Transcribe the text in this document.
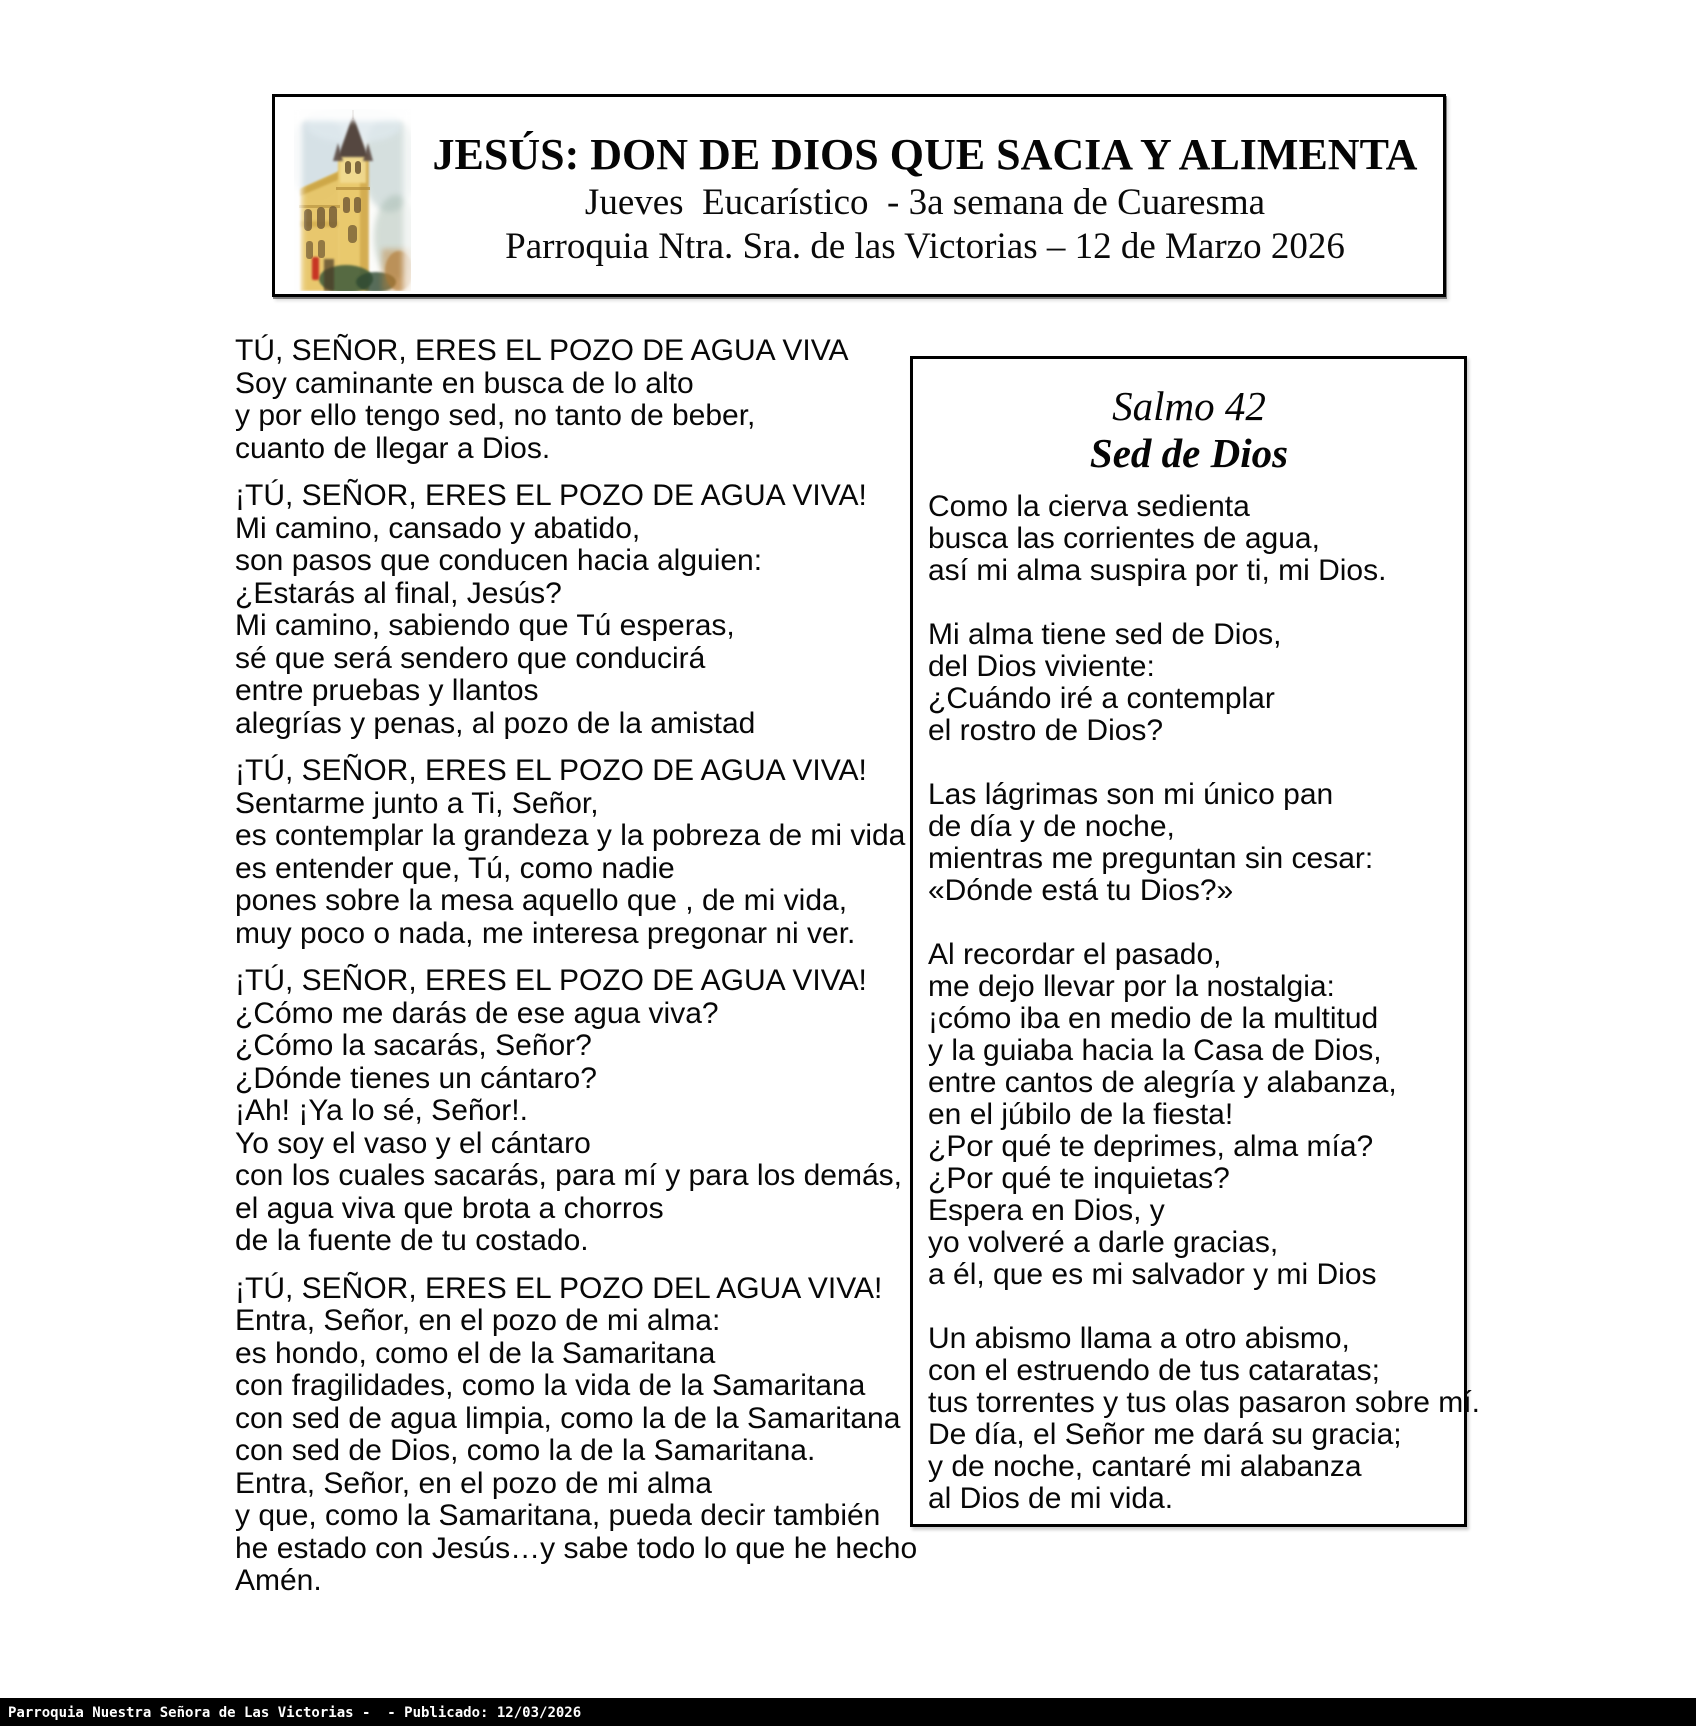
JESÚS: DON DE DIOS QUE SACIA Y ALIMENTA
Jueves  Eucarístico  - 3a semana de Cuaresma
Parroquia Ntra. Sra. de las Victorias – 12 de Marzo 2026

TÚ, SEÑOR, ERES EL POZO DE AGUA VIVA
Soy caminante en busca de lo alto
y por ello tengo sed, no tanto de beber,
cuanto de llegar a Dios.

¡TÚ, SEÑOR, ERES EL POZO DE AGUA VIVA!
Mi camino, cansado y abatido,
son pasos que conducen hacia alguien:
¿Estarás al final, Jesús?
Mi camino, sabiendo que Tú esperas,
sé que será sendero que conducirá
entre pruebas y llantos
alegrías y penas, al pozo de la amistad

¡TÚ, SEÑOR, ERES EL POZO DE AGUA VIVA!
Sentarme junto a Ti, Señor,
es contemplar la grandeza y la pobreza de mi vida
es entender que, Tú, como nadie
pones sobre la mesa aquello que , de mi vida,
muy poco o nada, me interesa pregonar ni ver.

¡TÚ, SEÑOR, ERES EL POZO DE AGUA VIVA!
¿Cómo me darás de ese agua viva?
¿Cómo la sacarás, Señor?
¿Dónde tienes un cántaro?
¡Ah! ¡Ya lo sé, Señor!.
Yo soy el vaso y el cántaro
con los cuales sacarás, para mí y para los demás,
el agua viva que brota a chorros
de la fuente de tu costado.

¡TÚ, SEÑOR, ERES EL POZO DEL AGUA VIVA!
Entra, Señor, en el pozo de mi alma:
es hondo, como el de la Samaritana
con fragilidades, como la vida de la Samaritana
con sed de agua limpia, como la de la Samaritana
con sed de Dios, como la de la Samaritana.
Entra, Señor, en el pozo de mi alma
y que, como la Samaritana, pueda decir también
he estado con Jesús…y sabe todo lo que he hecho
Amén.

Salmo 42
Sed de Dios

Como la cierva sedienta
busca las corrientes de agua,
así mi alma suspira por ti, mi Dios.

Mi alma tiene sed de Dios,
del Dios viviente:
¿Cuándo iré a contemplar
el rostro de Dios?

Las lágrimas son mi único pan
de día y de noche,
mientras me preguntan sin cesar:
«Dónde está tu Dios?»

Al recordar el pasado,
me dejo llevar por la nostalgia:
¡cómo iba en medio de la multitud
y la guiaba hacia la Casa de Dios,
entre cantos de alegría y alabanza,
en el júbilo de la fiesta!
¿Por qué te deprimes, alma mía?
¿Por qué te inquietas?
Espera en Dios, y
yo volveré a darle gracias,
a él, que es mi salvador y mi Dios

Un abismo llama a otro abismo,
con el estruendo de tus cataratas;
tus torrentes y tus olas pasaron sobre mí.
De día, el Señor me dará su gracia;
y de noche, cantaré mi alabanza
al Dios de mi vida.

Parroquia Nuestra Señora de Las Victorias -  - Publicado: 12/03/2026
